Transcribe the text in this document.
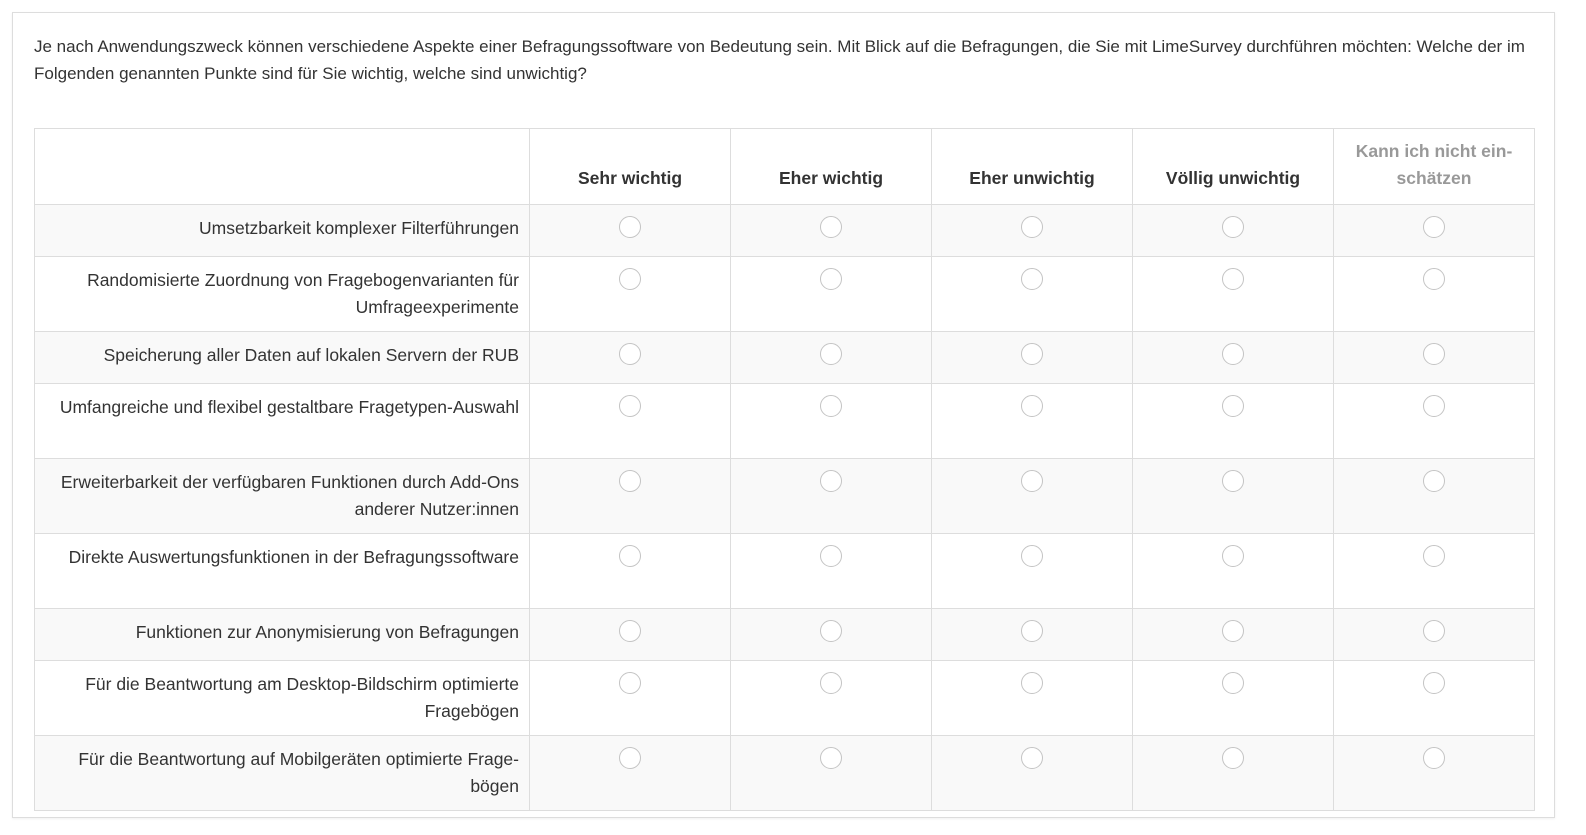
Je nach Anwendungszweck können verschiedene Aspekte einer Befragungssoftware von Bedeutung sein. Mit Blick auf die Befragungen, die Sie mit LimeSurvey durchführen möchten: Welche der im Folgenden genannten Punkte sind für Sie wichtig, welche sind unwichtig?
	Sehr wichtig	Eher wichtig	Eher unwichtig	Völlig unwichtig	Kann ich nicht einschätzen
Umsetzbarkeit komplexer Filterführungen					
Randomisierte Zuordnung von Fragebogenvarianten für Umfrageexperimente					
Speicherung aller Daten auf lokalen Servern der RUB					
Umfangreiche und flexibel gestaltbare Fragetypen-Auswahl					
Erweiterbarkeit der verfügbaren Funktionen durch Add-Ons anderer Nutzer:innen					
Direkte Auswertungsfunktionen in der Befragungssoftware					
Funktionen zur Anonymisierung von Befragungen					
Für die Beantwortung am Desktop-Bildschirm optimierte Fragebögen					
Für die Beantwortung auf Mobilgeräten optimierte Fragebögen					
